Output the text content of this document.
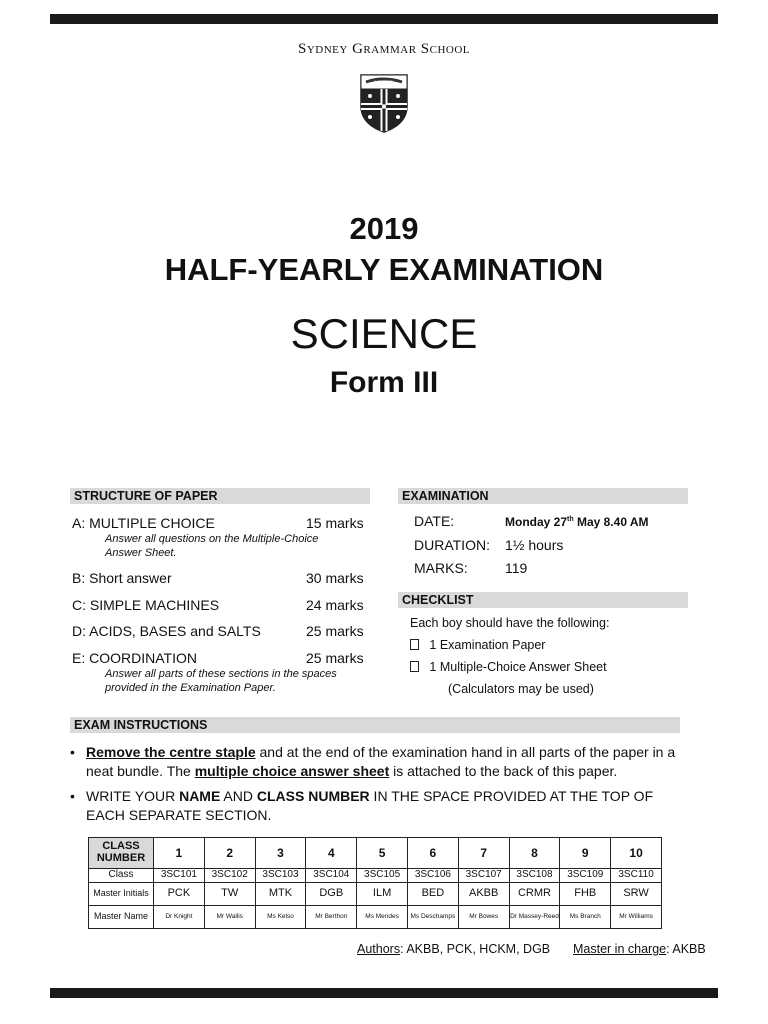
Sydney Grammar School
LAUDATE
2019
HALF-YEARLY EXAMINATION
SCIENCE
Form III
STRUCTURE OF PAPER
A: MULTIPLE CHOICE	15 marks
Answer all questions on the Multiple-Choice
Answer Sheet.
B: Short answer	30 marks
C: SIMPLE MACHINES	24 marks
D: ACIDS, BASES and SALTS	25 marks
E: COORDINATION	25 marks
Answer all parts of these sections in the spaces
provided in the Examination Paper.
EXAMINATION
DATE:	Monday 27th May 8.40 AM
DURATION: 1½ hours
MARKS:	119
CHECKLIST
Each boy should have the following:
1 Examination Paper
1 Multiple-Choice Answer Sheet
(Calculators may be used)
EXAM INSTRUCTIONS
• Remove the centre staple and at the end of the examination hand in all parts of the paper in a neat bundle. The multiple choice answer sheet is attached to the back of this paper.
• WRITE YOUR NAME AND CLASS NUMBER IN THE SPACE PROVIDED AT THE TOP OF EACH SEPARATE SECTION.
CLASS NUMBER	1	2	3	4	5	6	7	8	9	10
Class	3SC101	3SC102	3SC103	3SC104	3SC105	3SC106	3SC107	3SC108	3SC109	3SC110
Master Initials	PCK	TW	MTK	DGB	ILM	BED	AKBB	CRMR	FHB	SRW
Master Name	Dr Knight	Mr Wallis	Ms Kelso	Mr Berthon	Ms Mendes	Ms Deschamps	Mr Bowes	Dr Massey-Reed	Ms Branch	Mr Williams
Authors: AKBB, PCK, HCKM, DGB Master in charge: AKBB
